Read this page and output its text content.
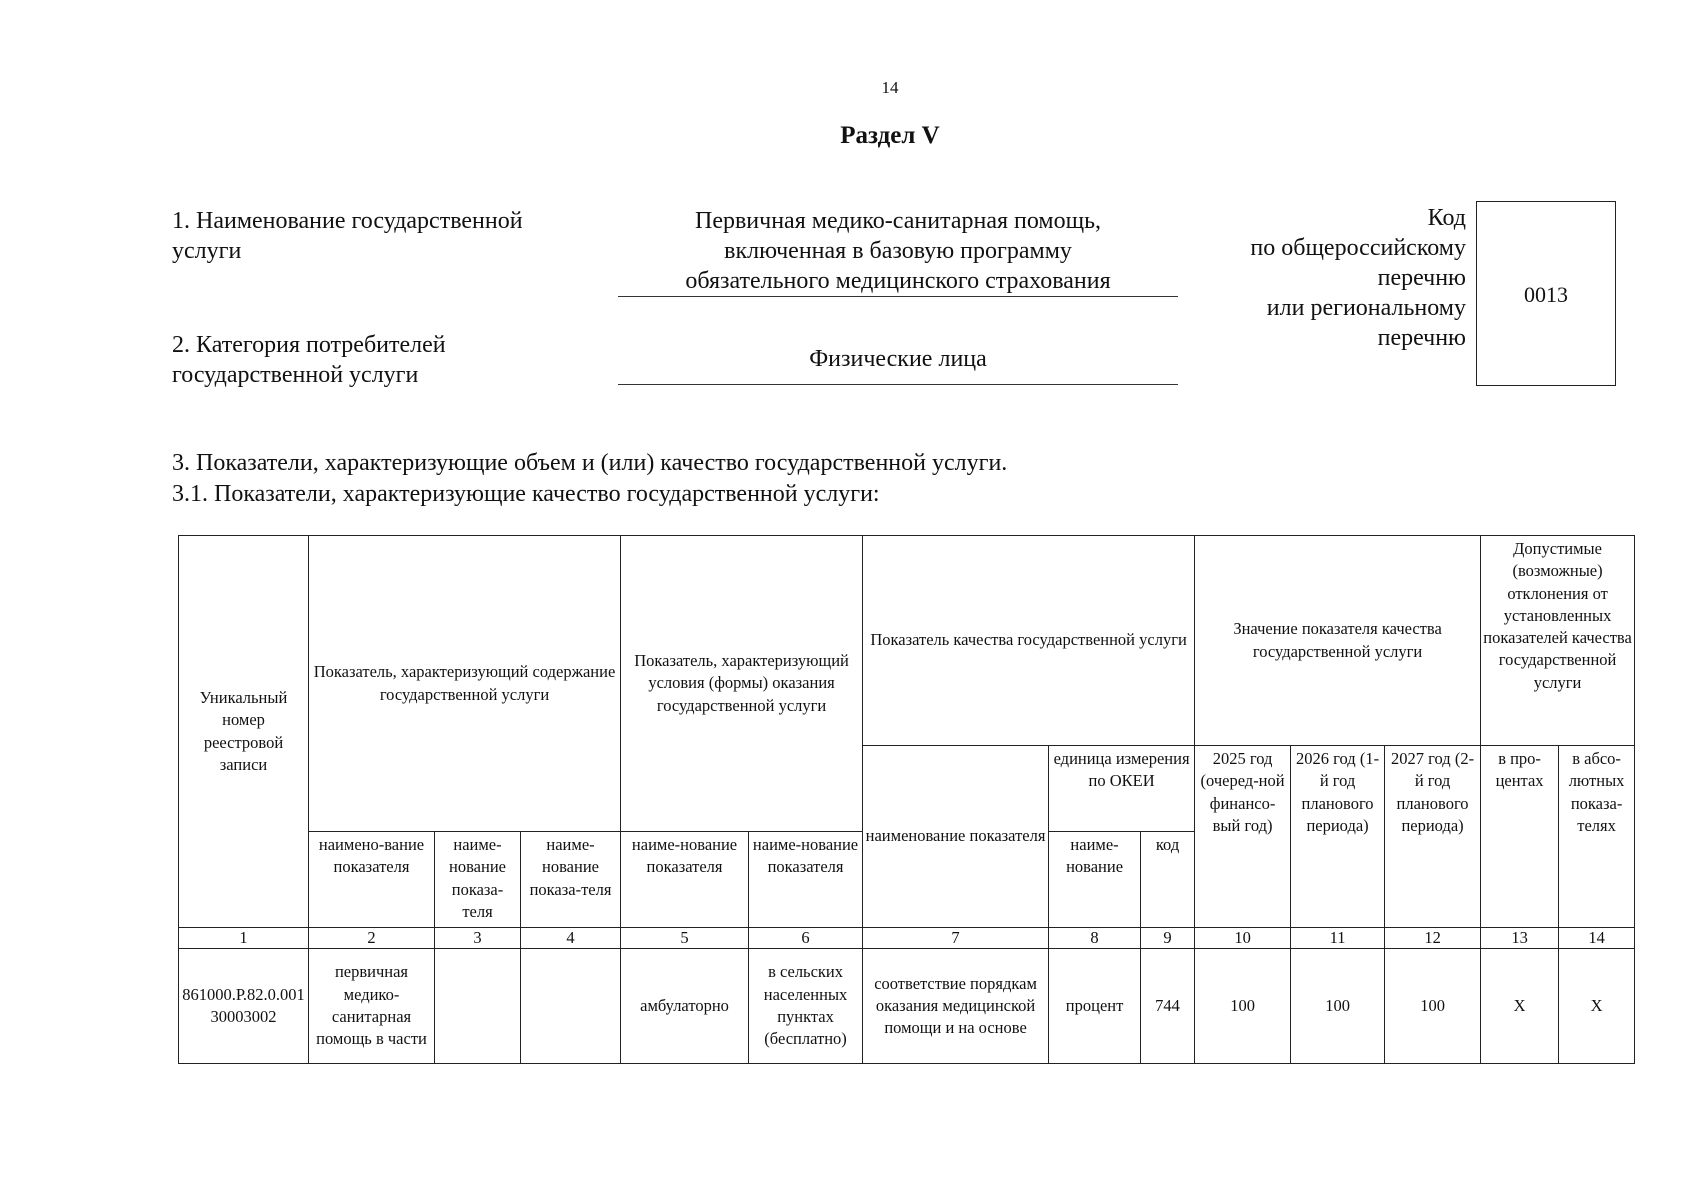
14
Раздел V
1. Наименование государственной
услуги
Первичная медико-санитарная помощь,
включенная в базовую программу
обязательного медицинского страхования
2. Категория потребителей
государственной услуги
Физические лица
Код
по общероссийскому
перечню
или региональному
перечню
0013
3. Показатели, характеризующие объем и (или) качество государственной услуги.
3.1. Показатели, характеризующие качество государственной услуги:
Уникальный номер реестровой записи	Показатель, характеризующий содержание государственной услуги			Показатель, характеризующий условия (формы) оказания государственной услуги		Показатель качества государственной услуги			Значение показателя качества государственной услуги			Допустимые (возможные) отклонения от установленных показателей качества государственной услуги	
						наименование показателя	единица измерения по ОКЕИ		2025 год (очеред-ной финансо-вый год)	2026 год (1-й год планового периода)	2027 год (2-й год планового периода)	в про-центах	в абсо-лютных показа-телях
	наимено-вание показателя	наиме-нование показа-теля	наиме-нование показа-теля	наиме-нование показателя	наиме-нование показателя		наиме-нование	код					
1	2	3	4	5	6	7	8	9	10	11	12	13	14

861000.Р.82.0.00130003002	первичная медико-санитарная помощь в части			амбулаторно	в сельских населенных пунктах (бесплатно)	соответствие порядкам оказания медицинской помощи и на основе	процент	744	100	100	100	X	X
